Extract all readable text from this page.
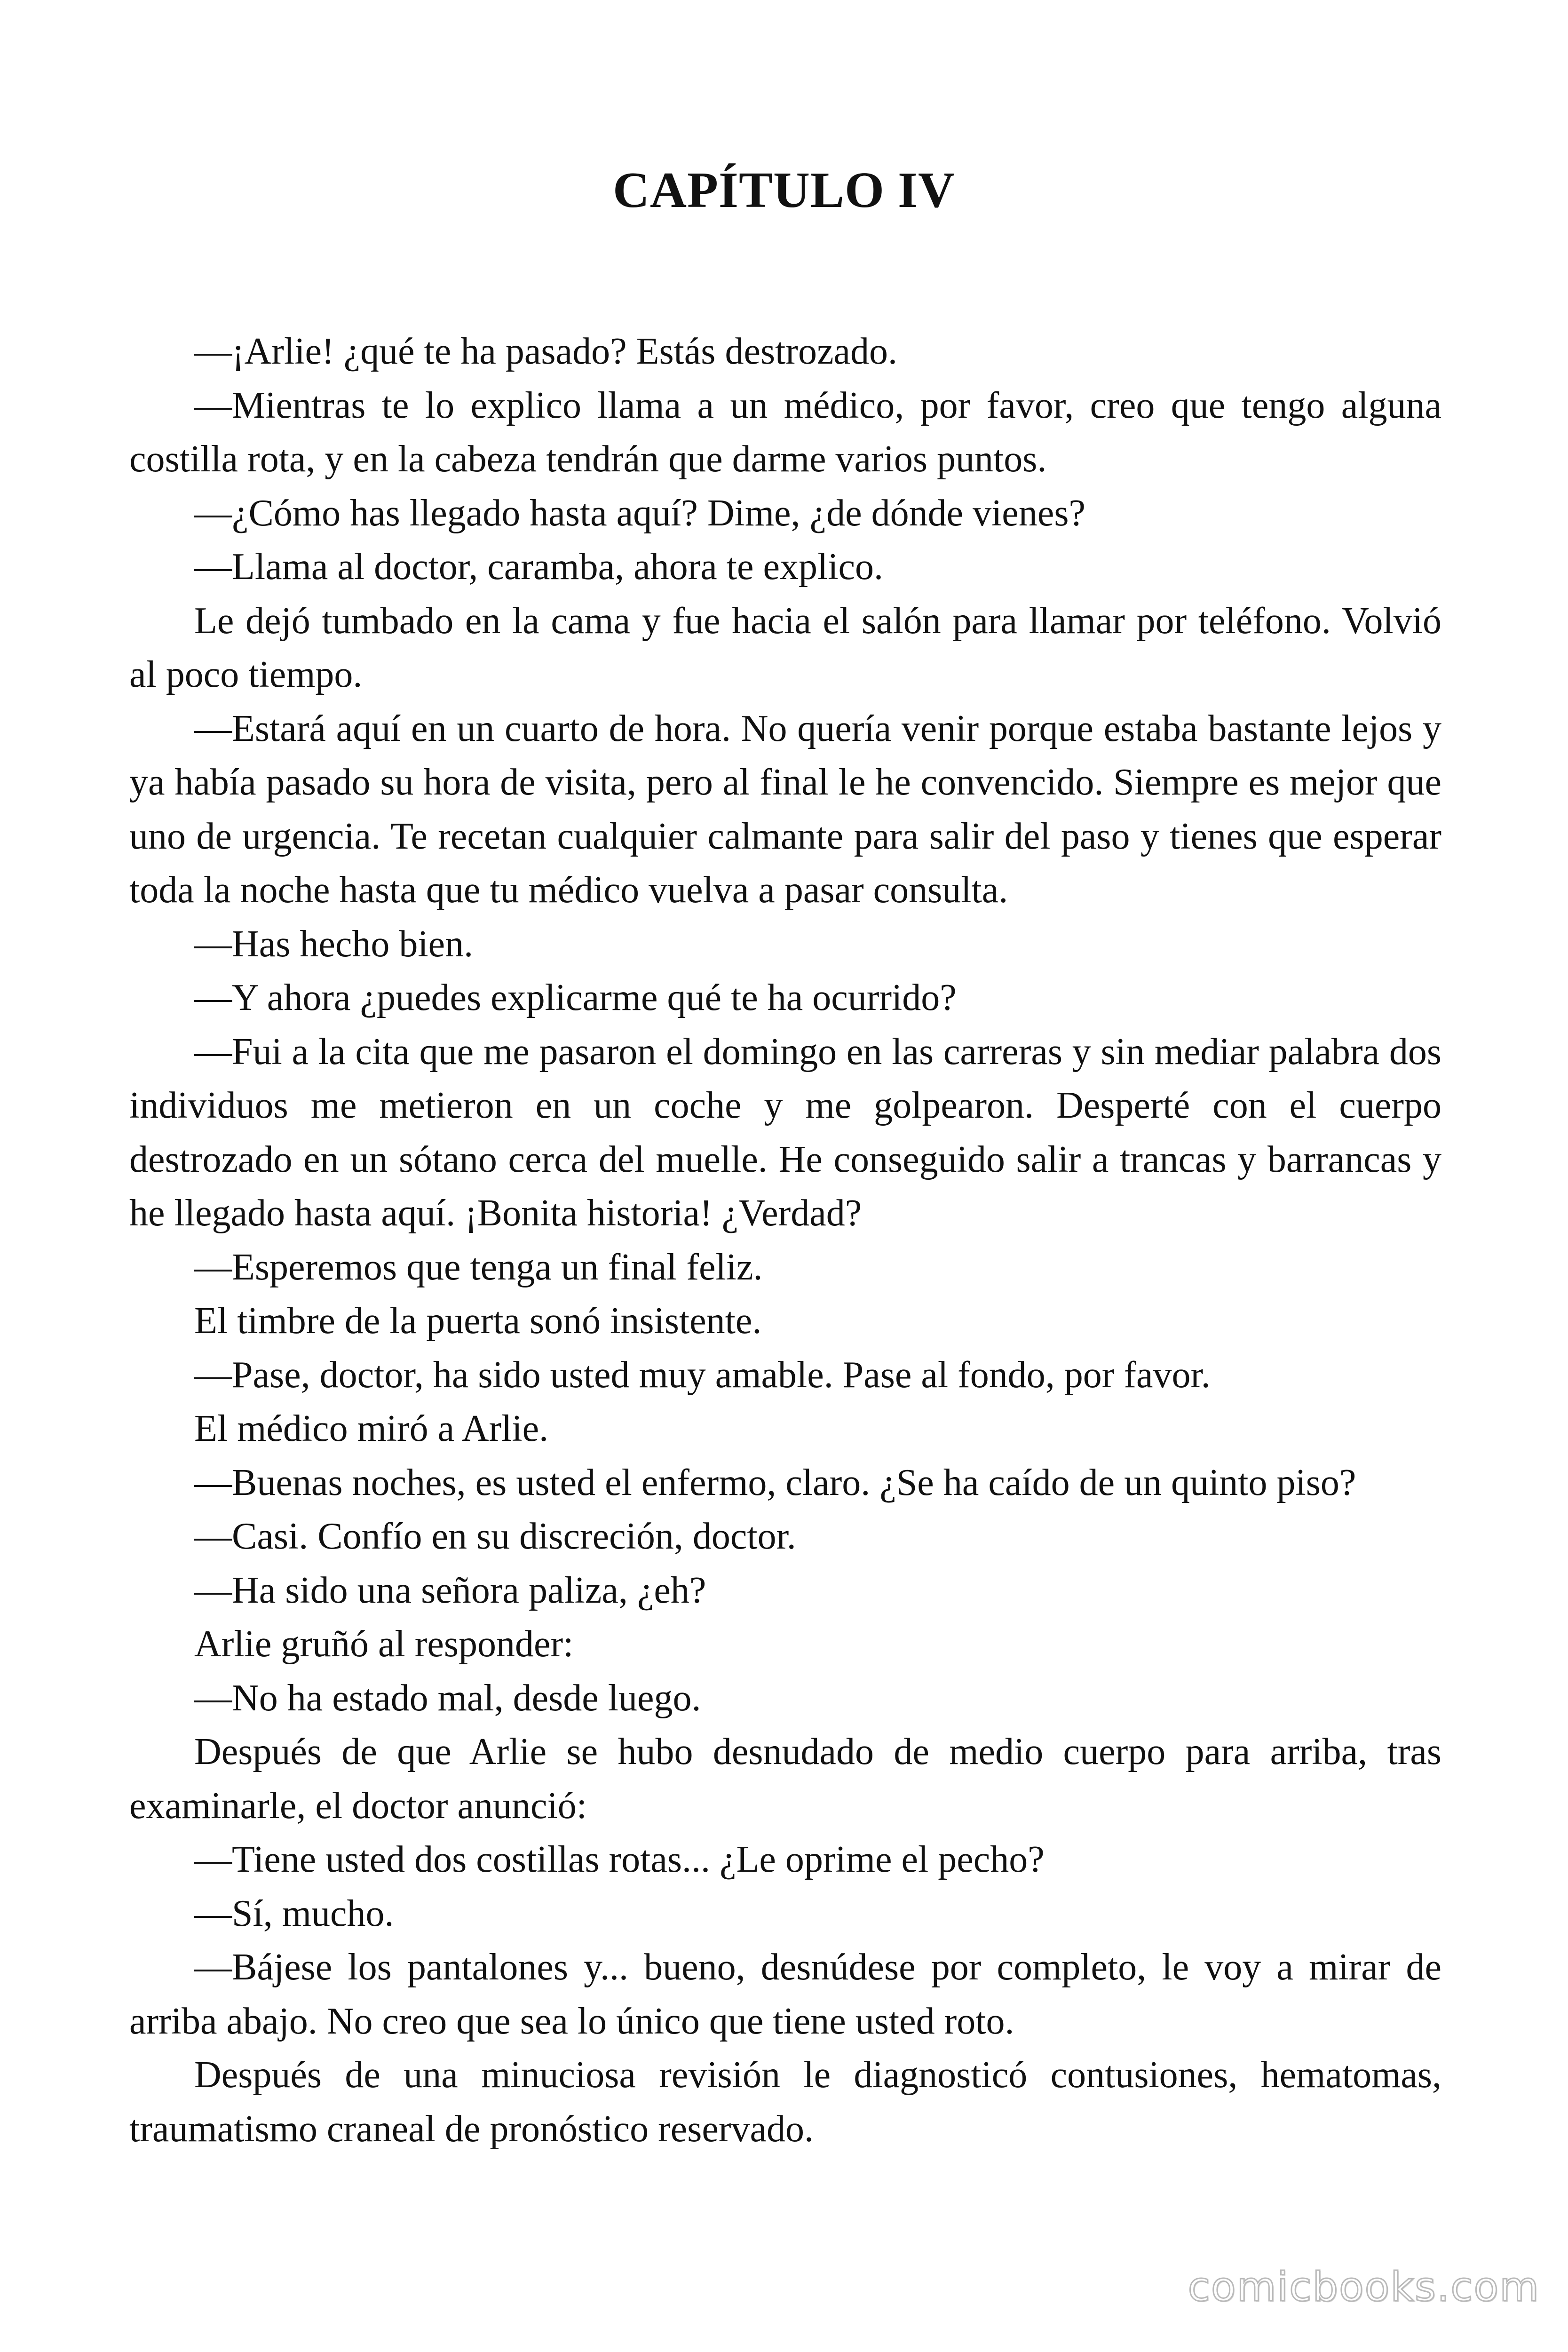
CAPÍTULO IV

—¡Arlie! ¿qué te ha pasado? Estás destrozado.

—Mientras te lo explico llama a un médico, por favor, creo que tengo alguna costilla rota, y en la cabeza tendrán que darme varios puntos.

—¿Cómo has llegado hasta aquí? Dime, ¿de dónde vienes?

—Llama al doctor, caramba, ahora te explico.

Le dejó tumbado en la cama y fue hacia el salón para llamar por teléfono. Volvió al poco tiempo.

—Estará aquí en un cuarto de hora. No quería venir porque estaba bastante lejos y ya había pasado su hora de visita, pero al final le he convencido. Siempre es mejor que uno de urgencia. Te recetan cualquier calmante para salir del paso y tienes que esperar toda la noche hasta que tu médico vuelva a pasar consulta.

—Has hecho bien.

—Y ahora ¿puedes explicarme qué te ha ocurrido?

—Fui a la cita que me pasaron el domingo en las carreras y sin mediar palabra dos individuos me metieron en un coche y me golpearon. Desperté con el cuerpo destrozado en un sótano cerca del muelle. He conseguido salir a trancas y barrancas y he llegado hasta aquí. ¡Bonita historia! ¿Verdad?

—Esperemos que tenga un final feliz.

El timbre de la puerta sonó insistente.

—Pase, doctor, ha sido usted muy amable. Pase al fondo, por favor.

El médico miró a Arlie.

—Buenas noches, es usted el enfermo, claro. ¿Se ha caído de un quinto piso?

—Casi. Confío en su discreción, doctor.

—Ha sido una señora paliza, ¿eh?

Arlie gruñó al responder:

—No ha estado mal, desde luego.

Después de que Arlie se hubo desnudado de medio cuerpo para arriba, tras examinarle, el doctor anunció:

—Tiene usted dos costillas rotas... ¿Le oprime el pecho?

—Sí, mucho.

—Bájese los pantalones y... bueno, desnúdese por completo, le voy a mirar de arriba abajo. No creo que sea lo único que tiene usted roto.

Después de una minuciosa revisión le diagnosticó contusiones, hematomas, traumatismo craneal de pronóstico reservado.

comicbooks.com
